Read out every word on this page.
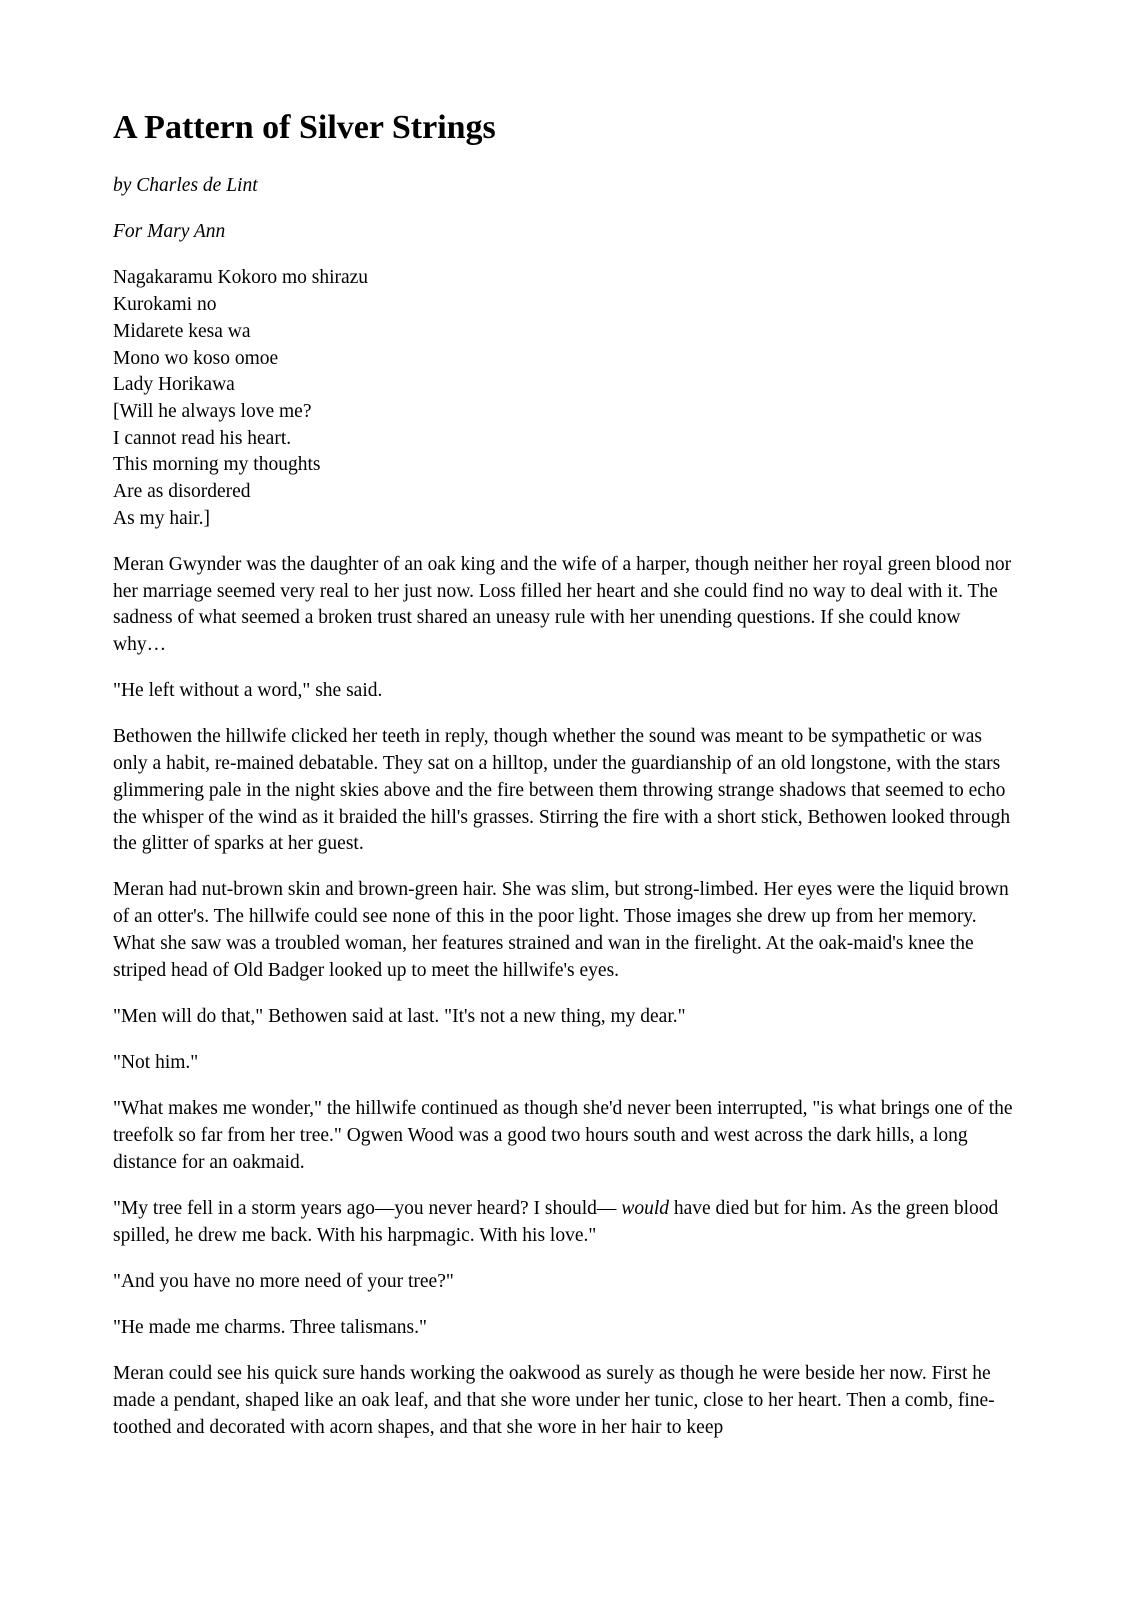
A Pattern of Silver Strings

by Charles de Lint

For Mary Ann

Nagakaramu Kokoro mo shirazu
Kurokami no
Midarete kesa wa
Mono wo koso omoe
Lady Horikawa
[Will he always love me?
I cannot read his heart.
This morning my thoughts
Are as disordered
As my hair.]

Meran Gwynder was the daughter of an oak king and the wife of a harper, though neither her royal green blood nor her marriage seemed very real to her just now. Loss filled her heart and she could find no way to deal with it. The sadness of what seemed a broken trust shared an uneasy rule with her unending questions. If she could know why…

"He left without a word," she said.

Bethowen the hillwife clicked her teeth in reply, though whether the sound was meant to be sympathetic or was only a habit, re-mained debatable. They sat on a hilltop, under the guardianship of an old longstone, with the stars glimmering pale in the night skies above and the fire between them throwing strange shadows that seemed to echo the whisper of the wind as it braided the hill's grasses. Stirring the fire with a short stick, Bethowen looked through the glitter of sparks at her guest.

Meran had nut-brown skin and brown-green hair. She was slim, but strong-limbed. Her eyes were the liquid brown of an otter's. The hillwife could see none of this in the poor light. Those images she drew up from her memory. What she saw was a troubled woman, her features strained and wan in the firelight. At the oak-maid's knee the striped head of Old Badger looked up to meet the hillwife's eyes.

"Men will do that," Bethowen said at last. "It's not a new thing, my dear."

"Not him."

"What makes me wonder," the hillwife continued as though she'd never been interrupted, "is what brings one of the treefolk so far from her tree." Ogwen Wood was a good two hours south and west across the dark hills, a long distance for an oakmaid.

"My tree fell in a storm years ago—you never heard? I should— would have died but for him. As the green blood spilled, he drew me back. With his harpmagic. With his love."

"And you have no more need of your tree?"

"He made me charms. Three talismans."

Meran could see his quick sure hands working the oakwood as surely as though he were beside her now. First he made a pendant, shaped like an oak leaf, and that she wore under her tunic, close to her heart. Then a comb, fine-toothed and decorated with acorn shapes, and that she wore in her hair to keep
